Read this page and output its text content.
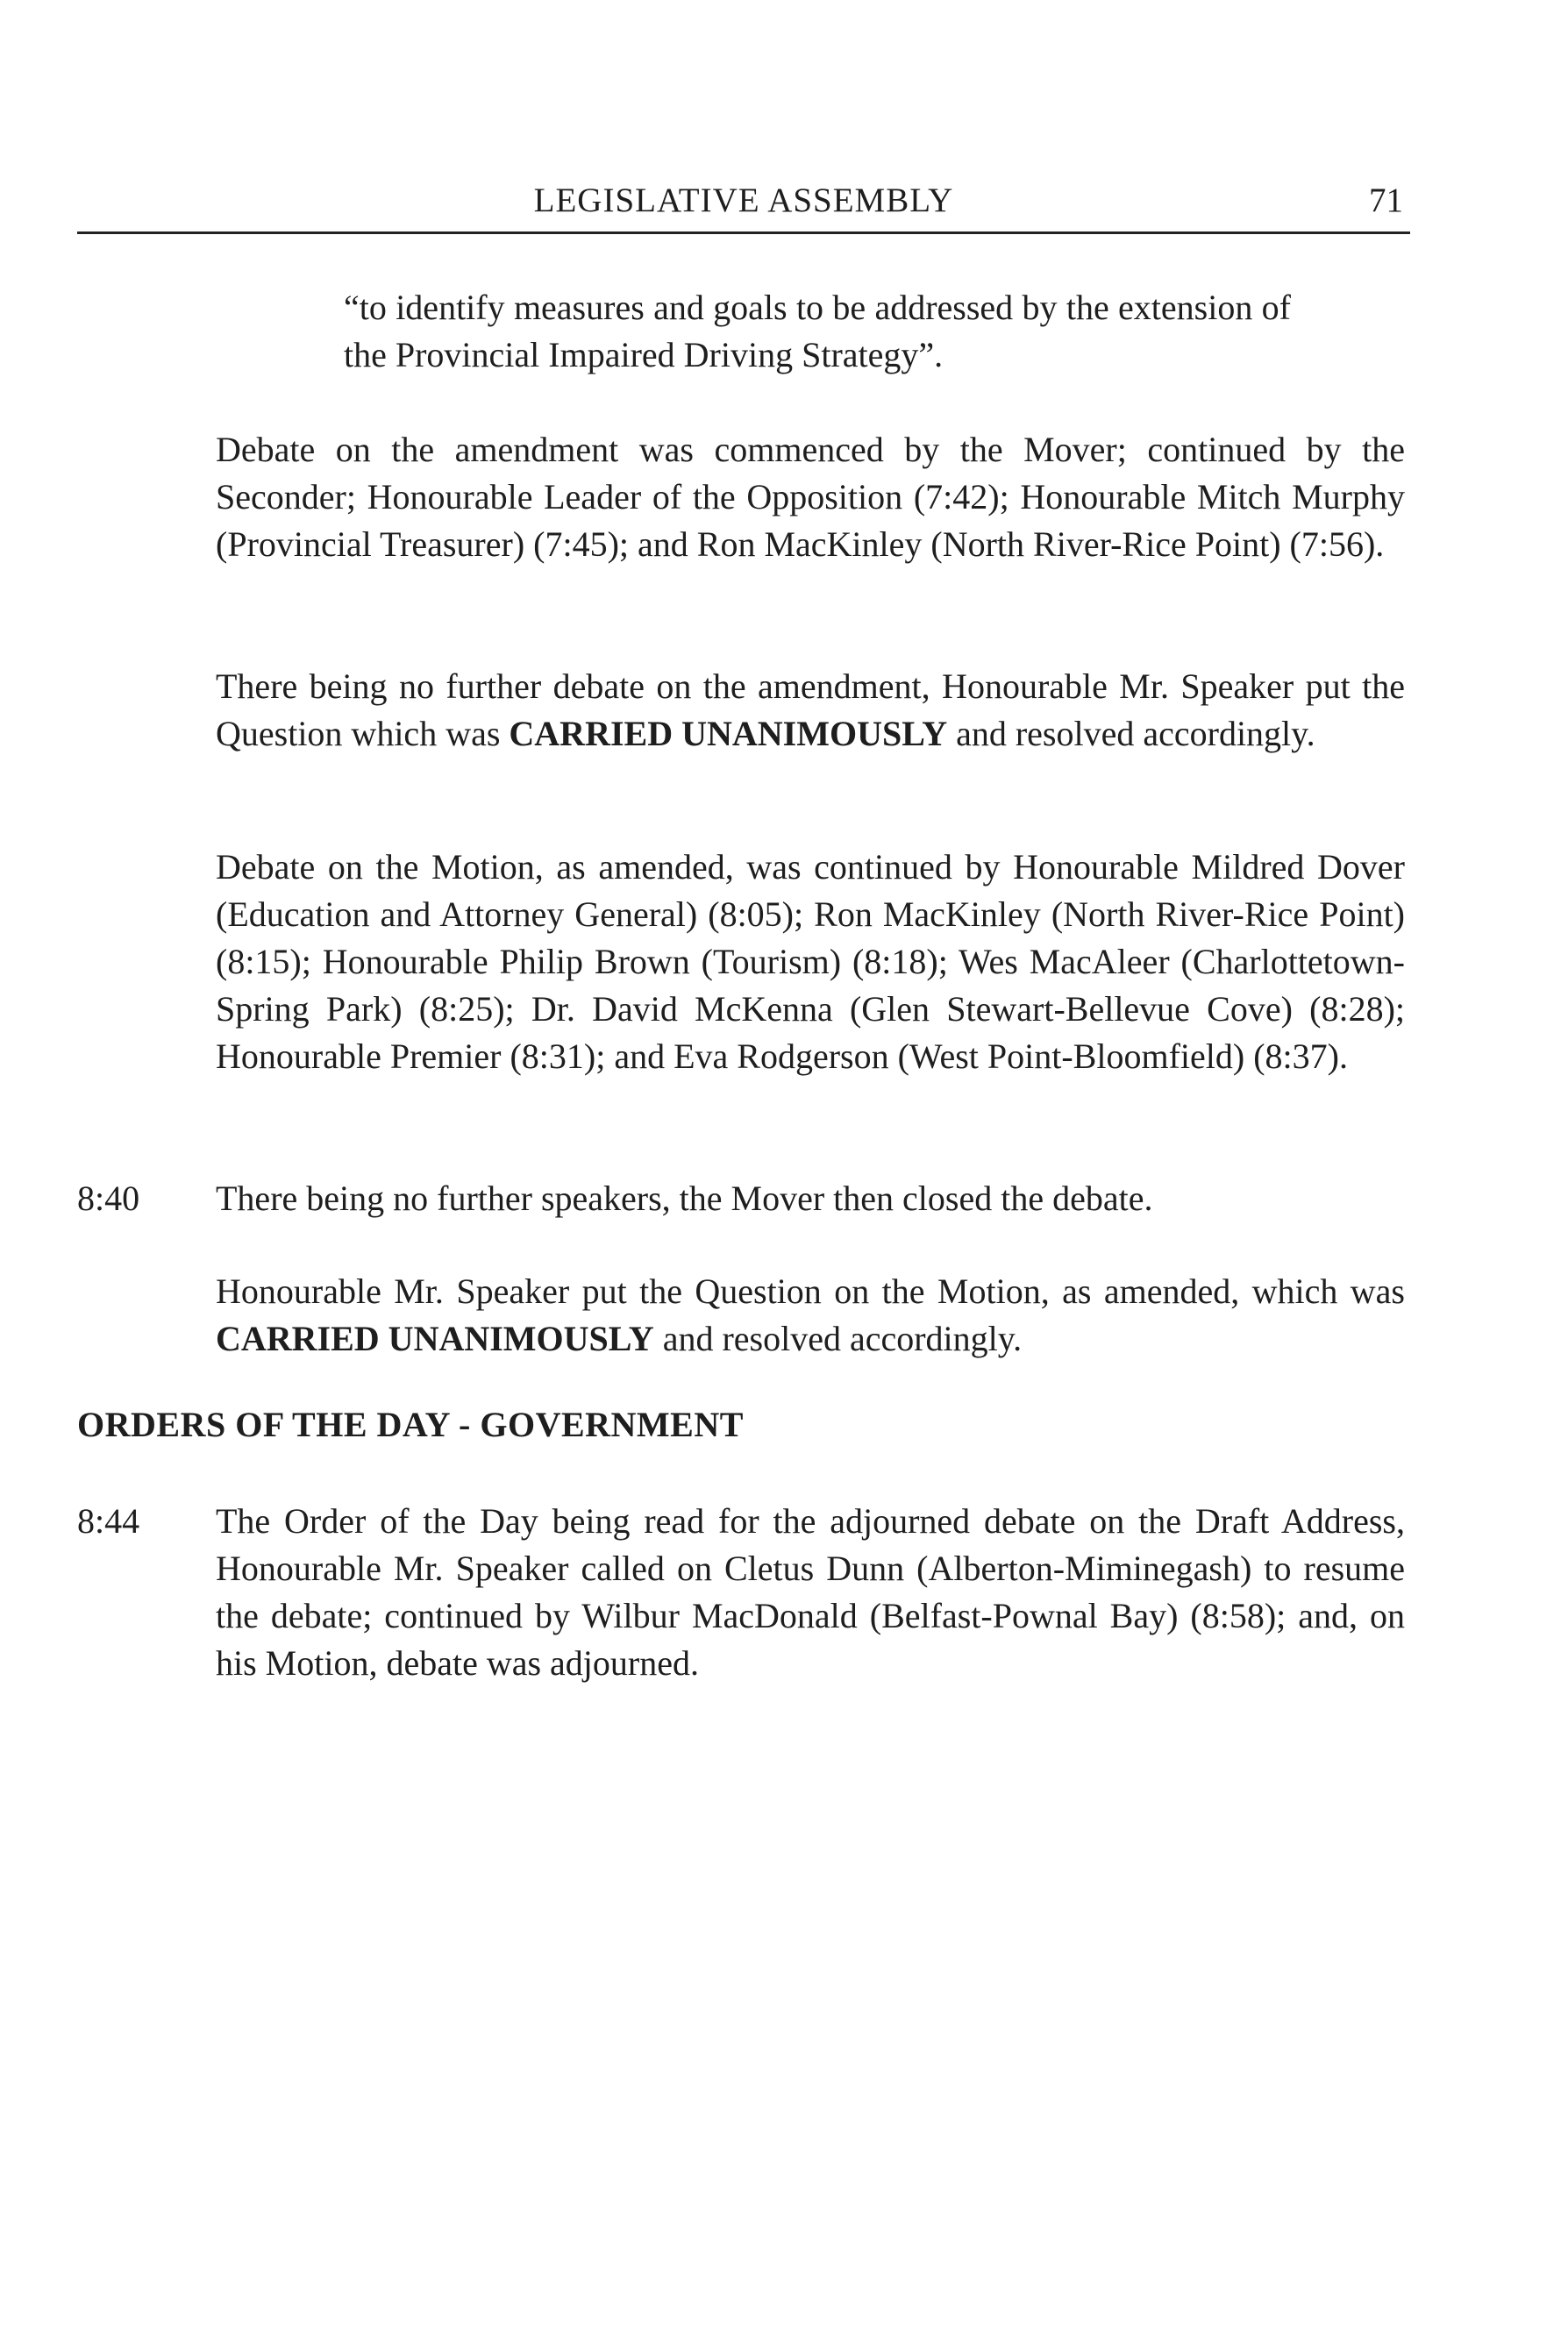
LEGISLATIVE ASSEMBLY	71

“to identify measures and goals to be addressed by the extension of the Provincial Impaired Driving Strategy”.

Debate on the amendment was commenced by the Mover; continued by the Seconder; Honourable Leader of the Opposition (7:42); Honourable Mitch Murphy (Provincial Treasurer) (7:45); and Ron MacKinley (North River-Rice Point) (7:56).

There being no further debate on the amendment, Honourable Mr. Speaker put the Question which was CARRIED UNANIMOUSLY and resolved accordingly.

Debate on the Motion, as amended, was continued by Honourable Mildred Dover (Education and Attorney General) (8:05); Ron MacKinley (North River-Rice Point) (8:15); Honourable Philip Brown (Tourism) (8:18); Wes MacAleer (Charlottetown-Spring Park) (8:25); Dr. David McKenna (Glen Stewart-Bellevue Cove) (8:28); Honourable Premier (8:31); and Eva Rodgerson (West Point-Bloomfield) (8:37).

8:40 There being no further speakers, the Mover then closed the debate.

Honourable Mr. Speaker put the Question on the Motion, as amended, which was CARRIED UNANIMOUSLY and resolved accordingly.

ORDERS OF THE DAY - GOVERNMENT
8:44 The Order of the Day being read for the adjourned debate on the Draft Address, Honourable Mr. Speaker called on Cletus Dunn (Alberton-Miminegash) to resume the debate; continued by Wilbur MacDonald (Belfast-Pownal Bay) (8:58); and, on his Motion, debate was adjourned.
